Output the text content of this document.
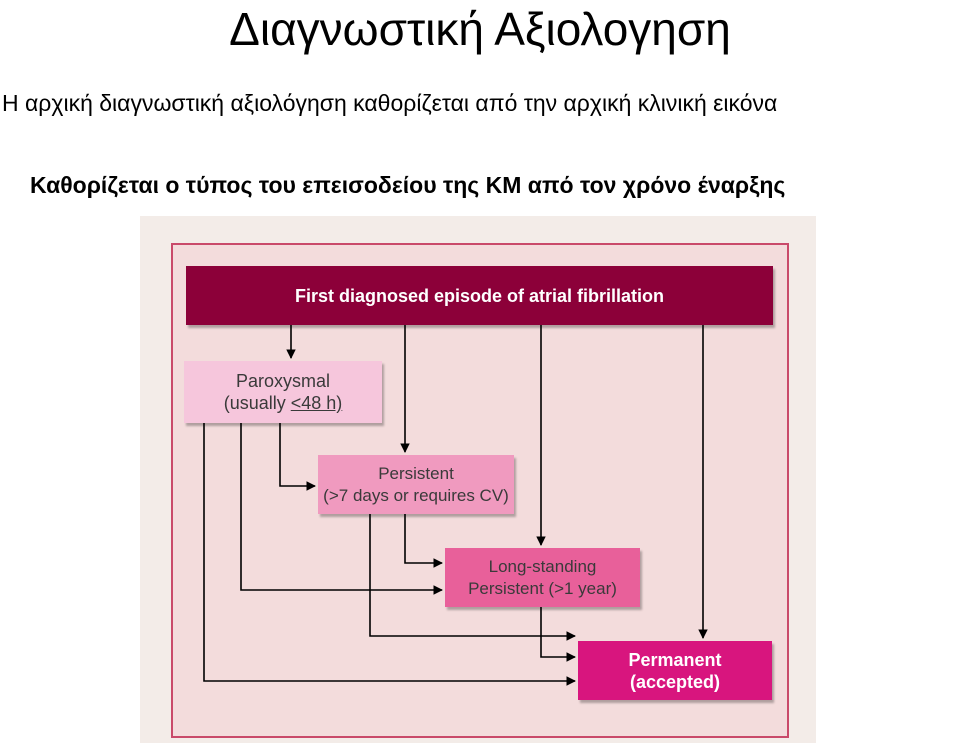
Διαγνωστική Αξιολογηση
Η αρχική διαγνωστική αξιολόγηση καθορίζεται από την αρχική κλινική εικόνα
Καθορίζεται ο τύπος του επεισοδείου της ΚΜ από τον χρόνο έναρξης
First diagnosed episode of atrial fibrillation
Paroxysmal
(usually <48 h)
Persistent
(>7 days or requires CV)
Long-standing
Persistent (>1 year)
Permanent
(accepted)
